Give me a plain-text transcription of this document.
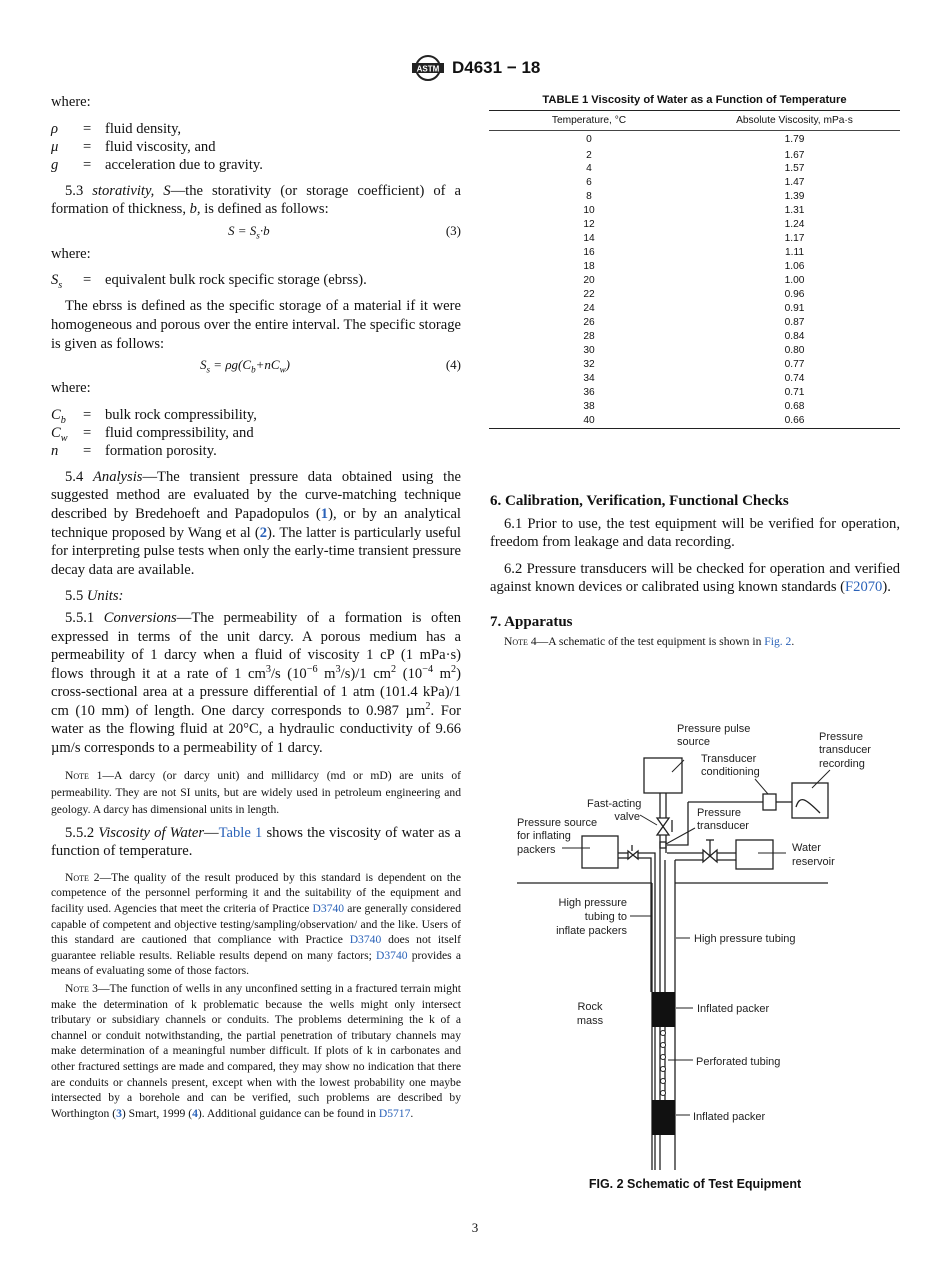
ASTM D4631 − 18

where:

ρ = fluid density,
μ = fluid viscosity, and
g = acceleration due to gravity.

5.3 storativity, S—the storativity (or storage coefficient) of a formation of thickness, b, is defined as follows:

$S = S_s\cdot b$	(3)

where:

$S_s$ = equivalent bulk rock specific storage (ebrss).

The ebrss is defined as the specific storage of a material if it were homogeneous and porous over the entire interval. The specific storage is given as follows:

$S_s = \rho g(C_b+nC_w)$	(4)

where:

$C_b$ = bulk rock compressibility,
$C_w$ = fluid compressibility, and
n = formation porosity.

5.4 Analysis—The transient pressure data obtained using the suggested method are evaluated by the curve-matching technique described by Bredehoeft and Papadopulos (1), or by an analytical technique proposed by Wang et al (2). The latter is particularly useful for interpreting pulse tests when only the early-time transient pressure decay data are available.

5.5 Units:

5.5.1 Conversions—The permeability of a formation is often expressed in terms of the unit darcy. A porous medium has a permeability of 1 darcy when a fluid of viscosity 1 cP (1 mPa·s) flows through it at a rate of 1 $cm^3/s$ ($10^{-6}$ $m^3/s)/1$ $cm^2$ ($10^{-4}$ $m^2$) cross-sectional area at a pressure differential of 1 atm (101.4 kPa)/1 cm (10 mm) of length. One darcy corresponds to 0.987 µm$^2$. For water as the flowing fluid at 20°C, a hydraulic conductivity of 9.66 µm/s corresponds to a permeability of 1 darcy.

Note 1—A darcy (or darcy unit) and millidarcy (md or mD) are units of permeability. They are not SI units, but are widely used in petroleum engineering and geology. A darcy has dimensional units in length.

5.5.2 Viscosity of Water—Table 1 shows the viscosity of water as a function of temperature.

Note 2—The quality of the result produced by this standard is dependent on the competence of the personnel performing it and the suitability of the equipment and facility used. Agencies that meet the criteria of Practice D3740 are generally considered capable of competent and objective testing/sampling/observation/ and the like. Users of this standard are cautioned that compliance with Practice D3740 does not itself guarantee reliable results. Reliable results depend on many factors; D3740 provides a means of evaluating some of those factors.

Note 3—The function of wells in any unconfined setting in a fractured terrain might make the determination of k problematic because the wells might only intersect tributary or subsidiary channels or conduits. The problems determining the k of a channel or conduit notwithstanding, the partial penetration of tributary channels may make determination of a meaningful number difficult. If plots of k in carbonates and other fractured settings are made and compared, they may show no indication that there are conduits or channels present, except when with the lowest probability one maybe intersected by a borehole and can be verified, such problems are described by Worthington (3) Smart, 1999 (4). Additional guidance can be found in D5717.

TABLE 1 Viscosity of Water as a Function of Temperature
Temperature, °C	Absolute Viscosity, mPa·s
0	1.79
2	1.67
4	1.57
6	1.47
8	1.39
10	1.31
12	1.24
14	1.17
16	1.11
18	1.06
20	1.00
22	0.96
24	0.91
26	0.87
28	0.84
30	0.80
32	0.77
34	0.74
36	0.71
38	0.68
40	0.66

6. Calibration, Verification, Functional Checks

6.1 Prior to use, the test equipment will be verified for operation, freedom from leakage and data recording.

6.2 Pressure transducers will be checked for operation and verified against known devices or calibrated using known standards (F2070).

7. Apparatus

Note 4—A schematic of the test equipment is shown in Fig. 2.

Pressure pulse
source	Pressure
transducer
recording
Transducer
conditioning
Fast-acting
valve	Pressure
transducer
Pressure source
for inflating
packers	Water
reservoir
High pressure
tubing to
inflate packers
High pressure tubing
Rock
mass
Inflated packer
Perforated tubing
Inflated packer
FIG. 2 Schematic of Test Equipment
3
